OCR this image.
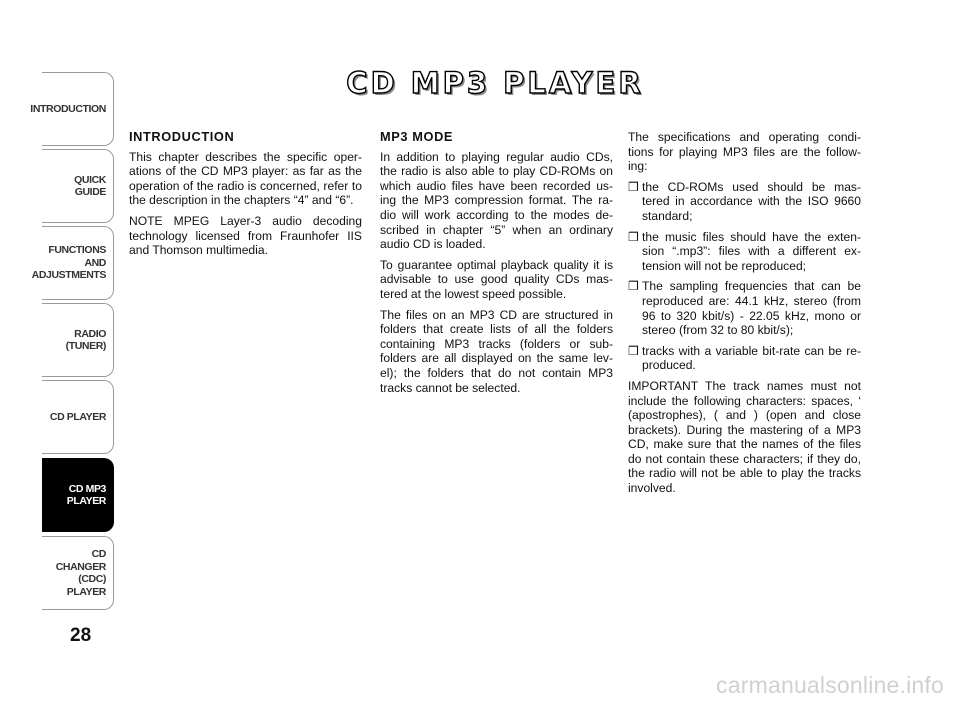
INTRODUCTION
QUICK
GUIDE
FUNCTIONS
AND
ADJUSTMENTS
RADIO
(TUNER)
CD PLAYER
CD MP3
PLAYER
CD CHANGER
(CDC) PLAYER
28
CD MP3 PLAYER
INTRODUCTION

This chapter describes the specific oper-ations of the CD MP3 player: as far as the operation of the radio is concerned, refer to the description in the chapters “4” and “6”.

NOTE MPEG Layer-3 audio decoding technology licensed from Fraunhofer IIS and Thomson multimedia.

MP3 MODE

In addition to playing regular audio CDs, the radio is also able to play CD-ROMs on which audio files have been recorded us-ing the MP3 compression format. The ra-dio will work according to the modes de-scribed in chapter “5” when an ordinary audio CD is loaded.

To guarantee optimal playback quality it is advisable to use good quality CDs mas-tered at the lowest speed possible.

The files on an MP3 CD are structured in folders that create lists of all the folders containing MP3 tracks (folders or sub-folders are all displayed on the same lev-el); the folders that do not contain MP3 tracks cannot be selected.

The specifications and operating condi-tions for playing MP3 files are the follow-ing:

❒ the CD-ROMs used should be mas-tered in accordance with the ISO 9660 standard;
❒ the music files should have the exten-sion “.mp3”: files with a different ex-tension will not be reproduced;
❒ The sampling frequencies that can be reproduced are: 44.1 kHz, stereo (from 96 to 320 kbit/s) - 22.05 kHz, mono or stereo (from 32 to 80 kbit/s);
❒ tracks with a variable bit-rate can be re-produced.

IMPORTANT The track names must not include the following characters: spaces, ‘ (apostrophes), ( and ) (open and close brackets). During the mastering of a MP3 CD, make sure that the names of the files do not contain these characters; if they do, the radio will not be able to play the tracks involved.

carmanualsonline.info
